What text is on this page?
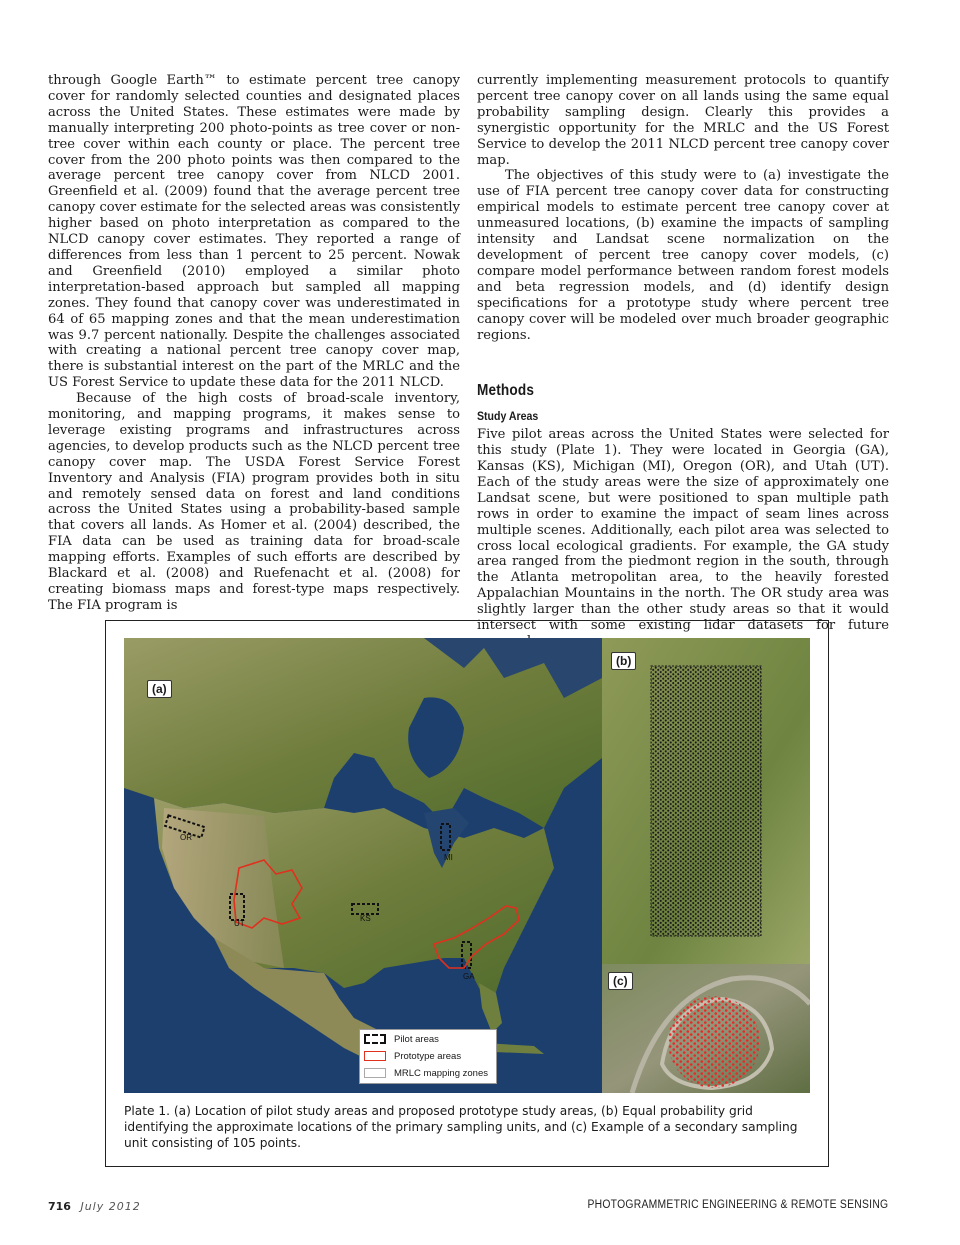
through Google Earth™ to estimate percent tree canopy cover for randomly selected counties and designated places across the United States. These estimates were made by manually interpreting 200 photo-points as tree cover or non-tree cover within each county or place. The percent tree cover from the 200 photo points was then compared to the average percent tree canopy cover from NLCD 2001. Greenfield et al. (2009) found that the average percent tree canopy cover estimate for the selected areas was consistently higher based on photo interpretation as compared to the NLCD canopy cover estimates. They reported a range of differences from less than 1 percent to 25 percent. Nowak and Greenfield (2010) employed a similar photo interpretation-based approach but sampled all mapping zones. They found that canopy cover was underestimated in 64 of 65 mapping zones and that the mean underestimation was 9.7 percent nationally. Despite the challenges associated with creating a national percent tree canopy cover map, there is substantial interest on the part of the MRLC and the US Forest Service to update these data for the 2011 NLCD.

Because of the high costs of broad-scale inventory, monitoring, and mapping programs, it makes sense to leverage existing programs and infrastructures across agencies, to develop products such as the NLCD percent tree canopy cover map. The USDA Forest Service Forest Inventory and Analysis (FIA) program provides both in situ and remotely sensed data on forest and land conditions across the United States using a probability-based sample that covers all lands. As Homer et al. (2004) described, the FIA data can be used as training data for broad-scale mapping efforts. Examples of such efforts are described by Blackard et al. (2008) and Ruefenacht et al. (2008) for creating biomass maps and forest-type maps respectively. The FIA program is

currently implementing measurement protocols to quantify percent tree canopy cover on all lands using the same equal probability sampling design. Clearly this provides a synergistic opportunity for the MRLC and the US Forest Service to develop the 2011 NLCD percent tree canopy cover map.

The objectives of this study were to (a) investigate the use of FIA percent tree canopy cover data for constructing empirical models to estimate percent tree canopy cover at unmeasured locations, (b) examine the impacts of sampling intensity and Landsat scene normalization on the development of percent tree canopy cover models, (c) compare model performance between random forest models and beta regression models, and (d) identify design specifications for a prototype study where percent tree canopy cover will be modeled over much broader geographic regions.

Methods
Study Areas

Five pilot areas across the United States were selected for this study (Plate 1). They were located in Georgia (GA), Kansas (KS), Michigan (MI), Oregon (OR), and Utah (UT). Each of the study areas were the size of approximately one Landsat scene, but were positioned to span multiple path rows in order to examine the impact of seam lines across multiple scenes. Additionally, each pilot area was selected to cross local ecological gradients. For example, the GA study area ranged from the piedmont region in the south, through the Atlanta metropolitan area, to the heavily forested Appalachian Mountains in the north. The OR study area was slightly larger than the other study areas so that it would intersect with some existing lidar datasets for future

(a)
OR
MI
KS
GA
UT
Pilot areas
Prototype areas
MRLC mapping zones
(b)
(c)
Plate 1. (a) Location of pilot study areas and proposed prototype study areas, (b) Equal probability grid identifying the approximate locations of the primary sampling units, and (c) Example of a secondary sampling unit consisting of 105 points.
716 July 2012	PHOTOGRAMMETRIC ENGINEERING & REMOTE SENSING
